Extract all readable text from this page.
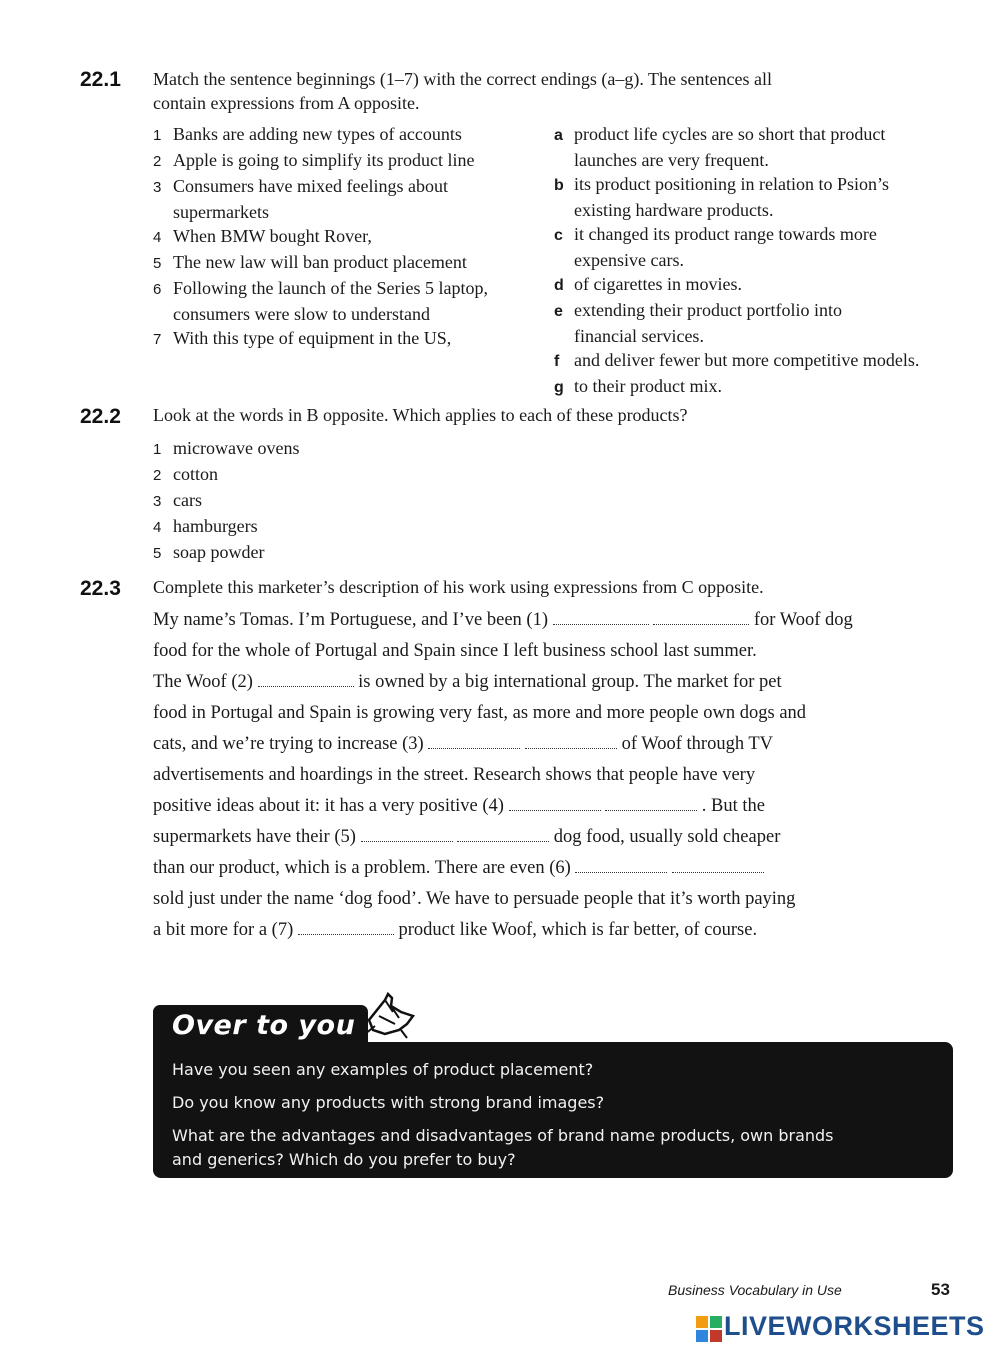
22.1 Match the sentence beginnings (1–7) with the correct endings (a–g). The sentences all
contain expressions from A opposite.
1 Banks are adding new types of accounts
2 Apple is going to simplify its product line
3 Consumers have mixed feelings about
supermarkets
4 When BMW bought Rover,
5 The new law will ban product placement
6 Following the launch of the Series 5 laptop,
consumers were slow to understand
7 With this type of equipment in the US,
a product life cycles are so short that product
launches are very frequent.
b its product positioning in relation to Psion’s
existing hardware products.
c it changed its product range towards more
expensive cars.
d of cigarettes in movies.
e extending their product portfolio into
financial services.
f and deliver fewer but more competitive models.
g to their product mix.
22.2 Look at the words in B opposite. Which applies to each of these products?
1 microwave ovens
2 cotton
3 cars
4 hamburgers
5 soap powder
22.3 Complete this marketer’s description of his work using expressions from C opposite.
My name’s Tomas. I’m Portuguese, and I’ve been (1)	for Woof dog
food for the whole of Portugal and Spain since I left business school last summer.
The Woof (2)	is owned by a big international group. The market for pet
food in Portugal and Spain is growing very fast, as more and more people own dogs and
cats, and we’re trying to increase (3)	of Woof through TV
advertisements and hoardings in the street. Research shows that people have very
positive ideas about it: it has a very positive (4)	. But the
supermarkets have their (5)	dog food, usually sold cheaper
than our product, which is a problem. There are even (6)
sold just under the name ‘dog food’. We have to persuade people that it’s worth paying
a bit more for a (7)	product like Woof, which is far better, of course.
Over to you
Have you seen any examples of product placement?
Do you know any products with strong brand images?
What are the advantages and disadvantages of brand name products, own brands
and generics? Which do you prefer to buy?
Business Vocabulary in Use	53
LIVEWORKSHEETS
